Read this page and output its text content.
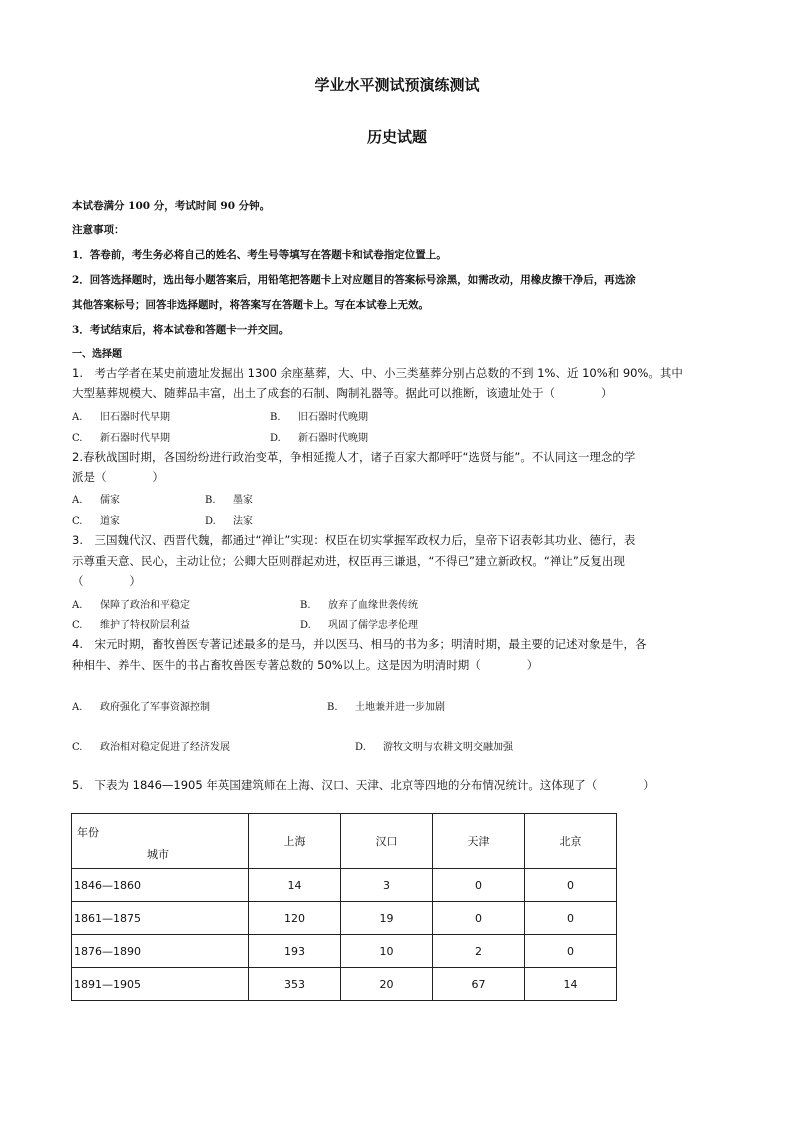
学业水平测试预演练测试
历史试题
本试卷满分 100 分，考试时间 90 分钟。
注意事项：
1．答卷前，考生务必将自己的姓名、考生号等填写在答题卡和试卷指定位置上。
2．回答选择题时，选出每小题答案后，用铅笔把答题卡上对应题目的答案标号涂黑，如需改动，用橡皮擦干净后，再选涂
其他答案标号；回答非选择题时，将答案写在答题卡上。写在本试卷上无效。
3．考试结束后，将本试卷和答题卡一并交回。
一、选择题
1.　考古学者在某史前遗址发掘出 1300 余座墓葬，大、中、小三类墓葬分别占总数的不到 1%、近 10%和 90%。其中
大型墓葬规模大、随葬品丰富，出土了成套的石制、陶制礼器等。据此可以推断，该遗址处于（　　　　）
A. 旧石器时代早期	B. 旧石器时代晚期
C. 新石器时代早期	D. 新石器时代晚期
2.春秋战国时期，各国纷纷进行政治变革，争相延揽人才，诸子百家大都呼吁“选贤与能”。不认同这一理念的学
派是（　　　　）
A. 儒家	B. 墨家
C. 道家	D. 法家
3.　三国魏代汉、西晋代魏，都通过“禅让”实现：权臣在切实掌握军政权力后，皇帝下诏表彰其功业、德行，表
示尊重天意、民心，主动让位；公卿大臣则群起劝进，权臣再三谦退，“不得已”建立新政权。“禅让”反复出现
（　　　　）
A. 保障了政治和平稳定	B. 放弃了血缘世袭传统
C. 维护了特权阶层利益	D. 巩固了儒学忠孝伦理
4.　宋元时期，畜牧兽医专著记述最多的是马，并以医马、相马的书为多；明清时期，最主要的记述对象是牛，各
种相牛、养牛、医牛的书占畜牧兽医专著总数的 50%以上。这是因为明清时期（　　　　）
A. 政府强化了军事资源控制	B. 土地兼并进一步加剧
C. 政治相对稳定促进了经济发展	D. 游牧文明与农耕文明交融加强
5.　下表为 1846—1905 年英国建筑师在上海、汉口、天津、北京等四地的分布情况统计。这体现了（　　　　）
年份
城市	上海	汉口	天津	北京
1846—1860	14	3	0	0
1861—1875	120	19	0	0
1876—1890	193	10	2	0
1891—1905	353	20	67	14
